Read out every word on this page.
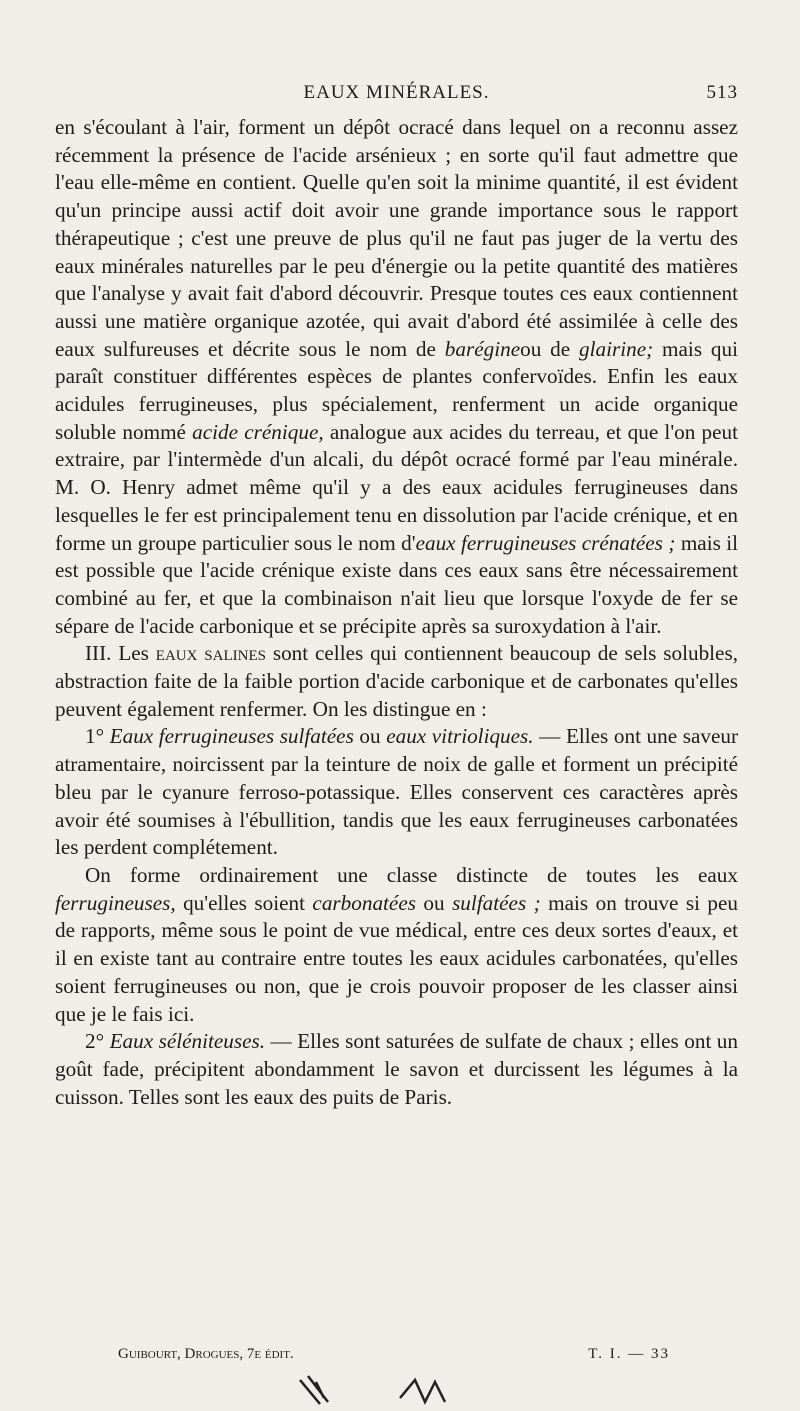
EAUX MINÉRALES.	513

en s'écoulant à l'air, forment un dépôt ocracé dans lequel on a reconnu assez récemment la présence de l'acide arsénieux ; en sorte qu'il faut admettre que l'eau elle-même en contient. Quelle qu'en soit la minime quantité, il est évident qu'un principe aussi actif doit avoir une grande importance sous le rapport thérapeutique ; c'est une preuve de plus qu'il ne faut pas juger de la vertu des eaux minérales naturelles par le peu d'énergie ou la petite quantité des matières que l'analyse y avait fait d'abord découvrir. Presque toutes ces eaux contiennent aussi une matière organique azotée, qui avait d'abord été assimilée à celle des eaux sulfureuses et décrite sous le nom de barégineou de glairine; mais qui paraît constituer différentes espèces de plantes confervoïdes. Enfin les eaux acidules ferrugineuses, plus spécialement, renferment un acide organique soluble nommé acide crénique, analogue aux acides du terreau, et que l'on peut extraire, par l'intermède d'un alcali, du dépôt ocracé formé par l'eau minérale. M. O. Henry admet même qu'il y a des eaux acidules ferrugineuses dans lesquelles le fer est principalement tenu en dissolution par l'acide crénique, et en forme un groupe particulier sous le nom d'eaux ferrugineuses crénatées ; mais il est possible que l'acide crénique existe dans ces eaux sans être nécessairement combiné au fer, et que la combinaison n'ait lieu que lorsque l'oxyde de fer se sépare de l'acide carbonique et se précipite après sa suroxydation à l'air.

III. Les eaux salines sont celles qui contiennent beaucoup de sels solubles, abstraction faite de la faible portion d'acide carbonique et de carbonates qu'elles peuvent également renfermer. On les distingue en :

1° Eaux ferrugineuses sulfatées ou eaux vitrioliques. — Elles ont une saveur atramentaire, noircissent par la teinture de noix de galle et forment un précipité bleu par le cyanure ferroso-potassique. Elles conservent ces caractères après avoir été soumises à l'ébullition, tandis que les eaux ferrugineuses carbonatées les perdent complétement.

On forme ordinairement une classe distincte de toutes les eaux ferrugineuses, qu'elles soient carbonatées ou sulfatées ; mais on trouve si peu de rapports, même sous le point de vue médical, entre ces deux sortes d'eaux, et il en existe tant au contraire entre toutes les eaux acidules carbonatées, qu'elles soient ferrugineuses ou non, que je crois pouvoir proposer de les classer ainsi que je le fais ici.

2° Eaux séléniteuses. — Elles sont saturées de sulfate de chaux ; elles ont un goût fade, précipitent abondamment le savon et durcissent les légumes à la cuisson. Telles sont les eaux des puits de Paris.

Guibourt, Drogues, 7e édit.	T. I. — 33
